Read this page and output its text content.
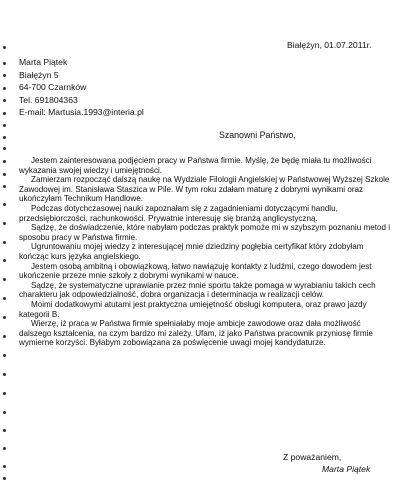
Białężyn, 01.07.2011r.
Marta Piątek
Białężyn 5
64-700 Czarnków
Tel. 691804363
E-mail: Martusia.1993@interia.pl
Szanowni Państwo,

Jestem zainteresowana podjęciem pracy w Państwa firmie. Myślę, że będę miała tu możliwości wykazania swojej wiedzy i umiejętności.

Zamierzam rozpocząć dalszą naukę na Wydziale Filologii Angielskiej w Państwowej Wyższej Szkole Zawodowej im. Stanisława Staszica w Pile. W tym roku zdałam maturę z dobrymi wynikami oraz ukończyłam Technikum Handlowe.

Podczas dotychczasowej nauki zapoznałam się z zagadnieniami dotyczącymi handlu, przedsiębiorczości, rachunkowości. Prywatnie interesuję się branżą anglicystyczną.

Sądzę, że doświadczenie, które nabyłam podczas praktyk pomoże mi w szybszym poznaniu metod i sposobu pracy w Państwa firmie.

Ugruntowaniu mojej wiedzy z interesującej mnie dziedziny pogłębia certyfikat który zdobyłam kończąc kurs języka angielskiego.

Jestem osobą ambitną i obowiązkową, łatwo nawiązuję kontakty z ludźmi, czego dowodem jest ukończenie przeze mnie szkoły z dobrymi wynikami w nauce.

Sądzę, że systematyczne uprawianie przez mnie sportu także pomaga w wyrabianiu takich cech charakteru jak odpowiedzialność, dobra organizacja i determinacja w realizacji celów.

Moimi dodatkowymi atutami jest praktyczna umiejętność obsługi komputera, oraz prawo jazdy kategorii B.

Wierzę, iż praca w Państwa firmie spełniałaby moje ambicje zawodowe oraz dała możliwość dalszego kształcenia, na czym bardzo mi zależy. Ufam, iż jako Państwa pracownik przyniosę firmie wymierne korzyści. Byłabym zobowiązana za poświęcenie uwagi mojej kandydaturze.

Z poważaniem,
Marta Piątek
